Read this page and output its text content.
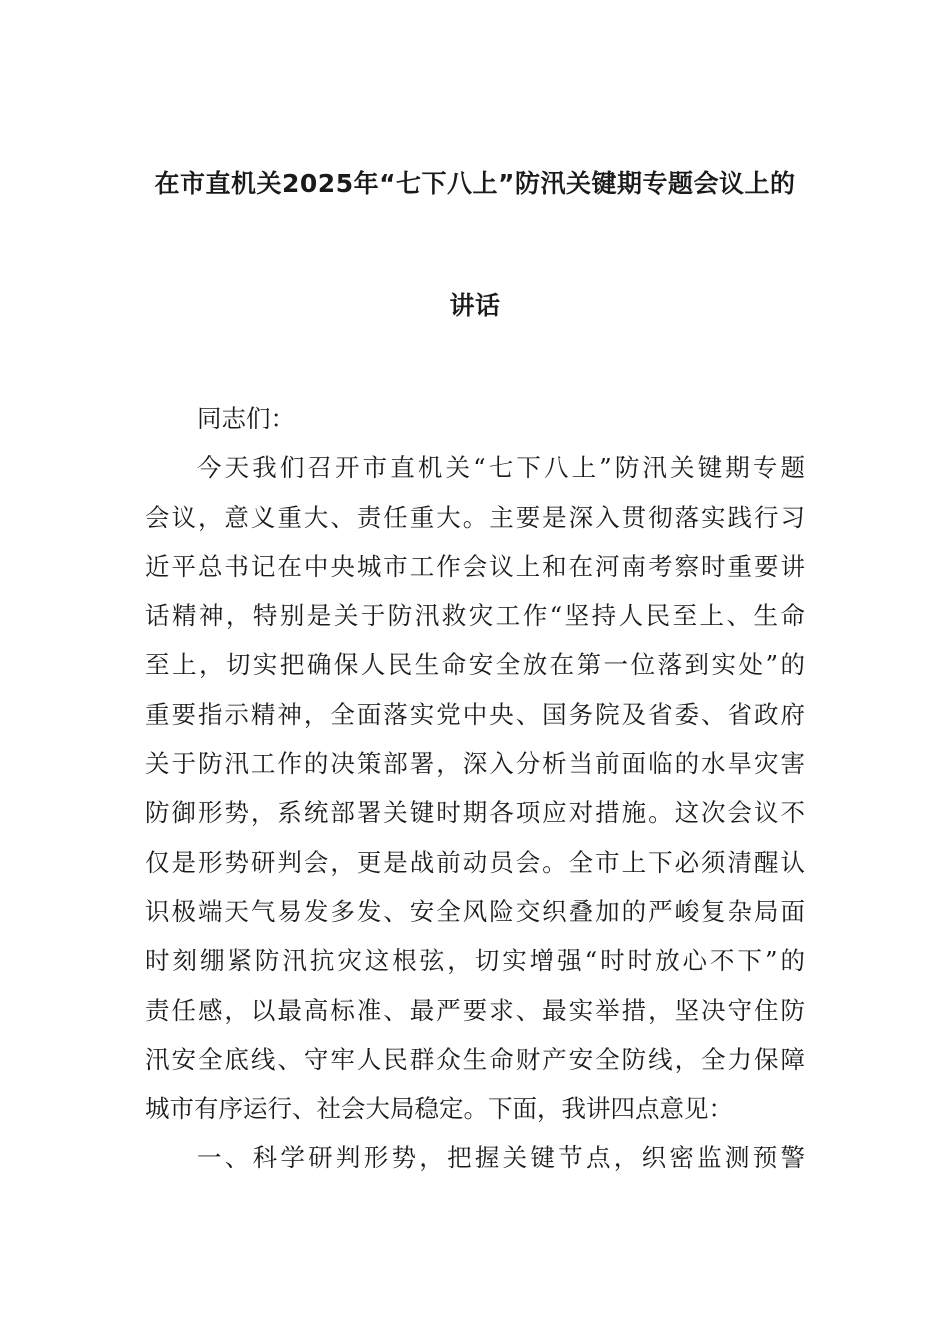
在市直机关2025年“七下八上”防汛关键期专题会议上的
讲话
同志们：
今天我们召开市直机关“七下八上”防汛关键期专题
会议，意义重大、责任重大。主要是深入贯彻落实践行习
近平总书记在中央城市工作会议上和在河南考察时重要讲
话精神，特别是关于防汛救灾工作“坚持人民至上、生命
至上，切实把确保人民生命安全放在第一位落到实处”的
重要指示精神，全面落实党中央、国务院及省委、省政府
关于防汛工作的决策部署，深入分析当前面临的水旱灾害
防御形势，系统部署关键时期各项应对措施。这次会议不
仅是形势研判会，更是战前动员会。全市上下必须清醒认
识极端天气易发多发、安全风险交织叠加的严峻复杂局面
时刻绷紧防汛抗灾这根弦，切实增强“时时放心不下”的
责任感，以最高标准、最严要求、最实举措，坚决守住防
汛安全底线、守牢人民群众生命财产安全防线，全力保障
城市有序运行、社会大局稳定。下面，我讲四点意见：
一、科学研判形势，把握关键节点，织密监测预警
